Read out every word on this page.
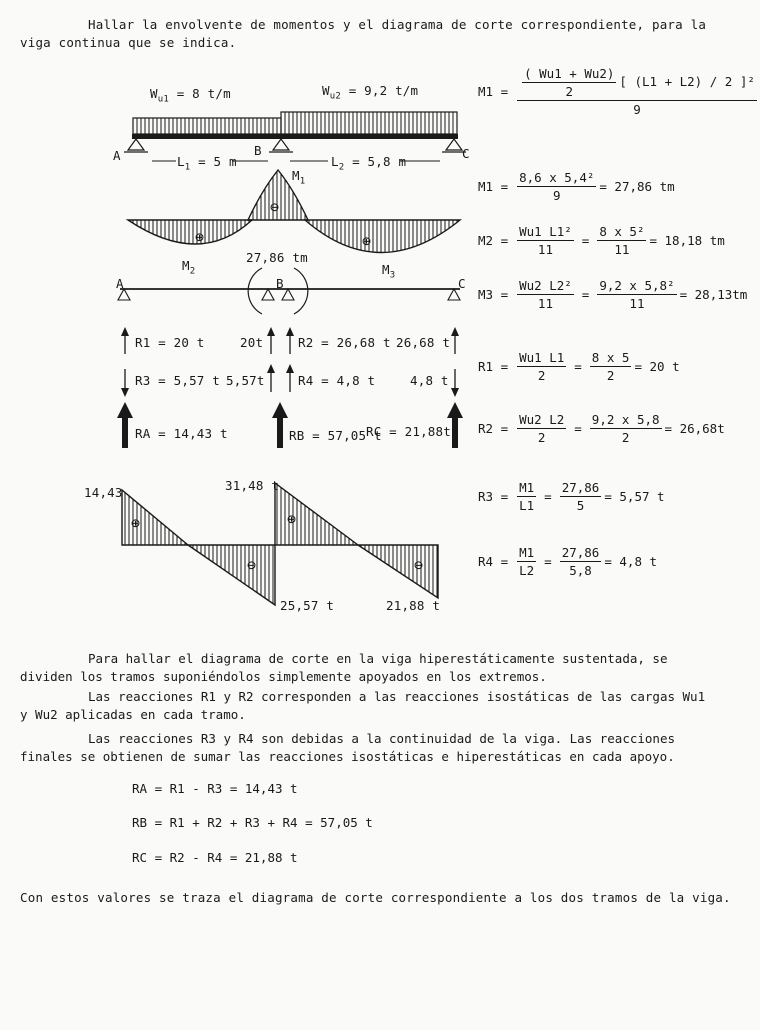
Hallar la envolvente de momentos y el diagrama de corte correspondiente, para la viga continua que se indica.
$W_{u1} = 8$ t/m	$W_{u2} = 9,2$ t/m
A	B	C
$L_1 = 5$ m	$L_2 = 5,8$ m
$M_1$
$M_2$	$M_3$
⊕
⊖
⊕
27,86 tm
A	B	C
R1 = 20 t	20t	R2 = 26,68 t 26,68 t
R3 = 5,57 t 5,57t	R4 = 4,8 t	4,8 t
RA = 14,43 t	RB = 57,05 t
RC = 21,88t
14,43	31,48 t
25,57 t	21,88 t
⊕
⊖
⊕
⊖
$M1 = \frac{\frac{( Wu1 + Wu2)}{2} [ (L1 + L2) / 2 ]^2}{9}$
$M1 = \frac{\text{8,6 x 5,4²}}{9} = 27,86$ tm
$M2 = \frac{\text{Wu1 L1²}}{11} = \frac{\text{8 x 5²}}{11} = 18,18$ tm
$M3 = \frac{\text{Wu2 L2²}}{11} = \frac{\text{9,2 x 5,8²}}{11} = 28,13tm$
$R1 = \frac{Wu1 L1}{2} = \frac{8 x 5}{2} = 20$ t
$R2 = \frac{Wu2 L2}{2} = \frac{9,2 x 5,8}{2} = 26,68t$
$R3 = \frac{M1}{L1} = \frac{27,86}{5} = 5,57$ t
$R4 = \frac{M1}{L2} = \frac{27,86}{5,8} = 4,8$ t
Para hallar el diagrama de corte en la viga hiperestáticamente sustentada, se dividen los tramos suponiéndolos simplemente apoyados en los extremos.
Las reacciones R1 y R2 corresponden a las reacciones isostáticas de las cargas Wu1 y Wu2 aplicadas en cada tramo.
Las reacciones R3 y R4 son debidas a la continuidad de la viga. Las reacciones finales se obtienen de sumar las reacciones isostáticas e hiperestáticas en cada apoyo.
RA = R1 - R3 = 14,43 t
RB = R1 + R2 + R3 + R4 = 57,05 t
RC = R2 - R4 = 21,88 t
Con estos valores se traza el diagrama de corte correspondiente a los dos tramos de la viga.
